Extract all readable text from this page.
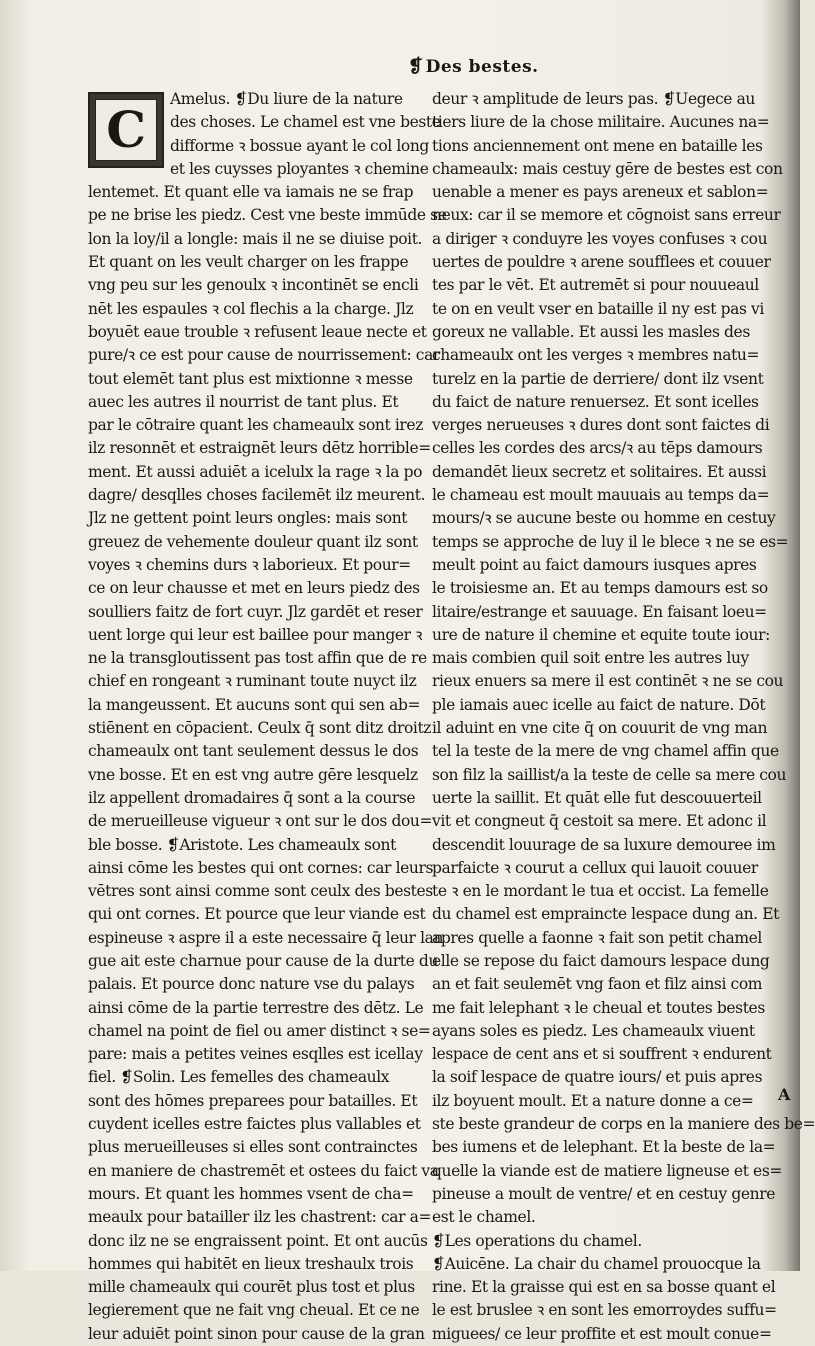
❡ Des bestes.
C
Amelus. ❡Du liure de la nature
des choses. Le chamel est vne beste
difforme ꝛ bossue ayant le col long
et les cuysses ployantes ꝛ chemine
lentemet. Et quant elle va iamais ne se frap
pe ne brise les piedz. Cest vne beste immūde se
lon la loy/il a longle: mais il ne se diuise poit.
Et quant on les veult charger on les frappe
vng peu sur les genoulx ꝛ incontinēt se encli
nēt les espaules ꝛ col flechis a la charge. Jlz
boyuēt eaue trouble ꝛ refusent leaue necte et
pure/ꝛ ce est pour cause de nourrissement: car
tout elemēt tant plus est mixtionne ꝛ messe
auec les autres il nourrist de tant plus. Et
par le cōtraire quant les chameaulx sont irez
ilz resonnēt et estraignēt leurs dētz horrible=
ment. Et aussi aduiēt a icelulx la rage ꝛ la po
dagre/ desqlles choses facilemēt ilz meurent.
Jlz ne gettent point leurs ongles: mais sont
greuez de vehemente douleur quant ilz sont
voyes ꝛ chemins durs ꝛ laborieux. Et pour=
ce on leur chausse et met en leurs piedz des
soulliers faitz de fort cuyr. Jlz gardēt et reser
uent lorge qui leur est baillee pour manger ꝛ
ne la transgloutissent pas tost affin que de re
chief en rongeant ꝛ ruminant toute nuyct ilz
la mangeussent. Et aucuns sont qui sen ab=
stiēnent en cōpacient. Ceulx q̄ sont ditz droitz
chameaulx ont tant seulement dessus le dos
vne bosse. Et en est vng autre gēre lesquelz
ilz appellent dromadaires q̄ sont a la course
de merueilleuse vigueur ꝛ ont sur le dos dou=
ble bosse. ❡Aristote. Les chameaulx sont
ainsi cōme les bestes qui ont cornes: car leurs
vētres sont ainsi comme sont ceulx des bestes
qui ont cornes. Et pource que leur viande est
espineuse ꝛ aspre il a este necessaire q̄ leur lan
gue ait este charnue pour cause de la durte du
palais. Et pource donc nature vse du palays
ainsi cōme de la partie terrestre des dētz. Le
chamel na point de fiel ou amer distinct ꝛ se=
pare: mais a petites veines esqlles est icellay
fiel. ❡Solin. Les femelles des chameaulx
sont des hōmes preparees pour batailles. Et
cuydent icelles estre faictes plus vallables et
plus merueilleuses si elles sont contrainctes
en maniere de chastremēt et ostees du faict va
mours. Et quant les hommes vsent de cha=
meaulx pour batailler ilz les chastrent: car a=
donc ilz ne se engraissent point. Et ont aucūs
hommes qui habitēt en lieux treshaulx trois
mille chameaulx qui courēt plus tost et plus
legierement que ne fait vng cheual. Et ce ne
leur aduiēt point sinon pour cause de la gran
deur ꝛ amplitude de leurs pas. ❡Uegece au
tiers liure de la chose militaire. Aucunes na=
tions anciennement ont mene en bataille les
chameaulx: mais cestuy gēre de bestes est con
uenable a mener es pays areneux et sablon=
neux: car il se memore et cōgnoist sans erreur
a diriger ꝛ conduyre les voyes confuses ꝛ cou
uertes de pouldre ꝛ arene soufflees et couuer
tes par le vēt. Et autremēt si pour nouueaul
te on en veult vser en bataille il ny est pas vi
goreux ne vallable. Et aussi les masles des
chameaulx ont les verges ꝛ membres natu=
turelz en la partie de derriere/ dont ilz vsent
du faict de nature renuersez. Et sont icelles
verges nerueuses ꝛ dures dont sont faictes di
celles les cordes des arcs/ꝛ au tēps damours
demandēt lieux secretz et solitaires. Et aussi
le chameau est moult mauuais au temps da=
mours/ꝛ se aucune beste ou homme en cestuy
temps se approche de luy il le blece ꝛ ne se es=
meult point au faict damours iusques apres
le troisiesme an. Et au temps damours est so
litaire/estrange et sauuage. En faisant loeu=
ure de nature il chemine et equite toute iour:
mais combien quil soit entre les autres luy
rieux enuers sa mere il est continēt ꝛ ne se cou
ple iamais auec icelle au faict de nature. Dōt
il aduint en vne cite q̄ on couurit de vng man
tel la teste de la mere de vng chamel affin que
son filz la saillist/a la teste de celle sa mere cou
uerte la saillit. Et quāt elle fut descouuerteil
vit et congneut q̄ cestoit sa mere. Et adonc il
descendit louurage de sa luxure demouree im
parfaicte ꝛ courut a cellux qui lauoit couuer
te ꝛ en le mordant le tua et occist. La femelle
du chamel est empraincte lespace dung an. Et
apres quelle a faonne ꝛ fait son petit chamel
elle se repose du faict damours lespace dung
an et fait seulemēt vng faon et filz ainsi com
me fait lelephant ꝛ le cheual et toutes bestes
ayans soles es piedz. Les chameaulx viuent
lespace de cent ans et si souffrent ꝛ endurent
la soif lespace de quatre iours/ et puis apres
ilz boyuent moult. Et a nature donne a ce=
ste beste grandeur de corps en la maniere des be=
bes iumens et de lelephant. Et la beste de la=
quelle la viande est de matiere ligneuse et es=
pineuse a moult de ventre/ et en cestuy genre
est le chamel.
❡Les operations du chamel.
❡Auicēne. La chair du chamel prouocque la
rine. Et la graisse qui est en sa bosse quant el
le est bruslee ꝛ en sont les emorroydes suffu=
miguees/ ce leur proffite et est moult conue=
A
